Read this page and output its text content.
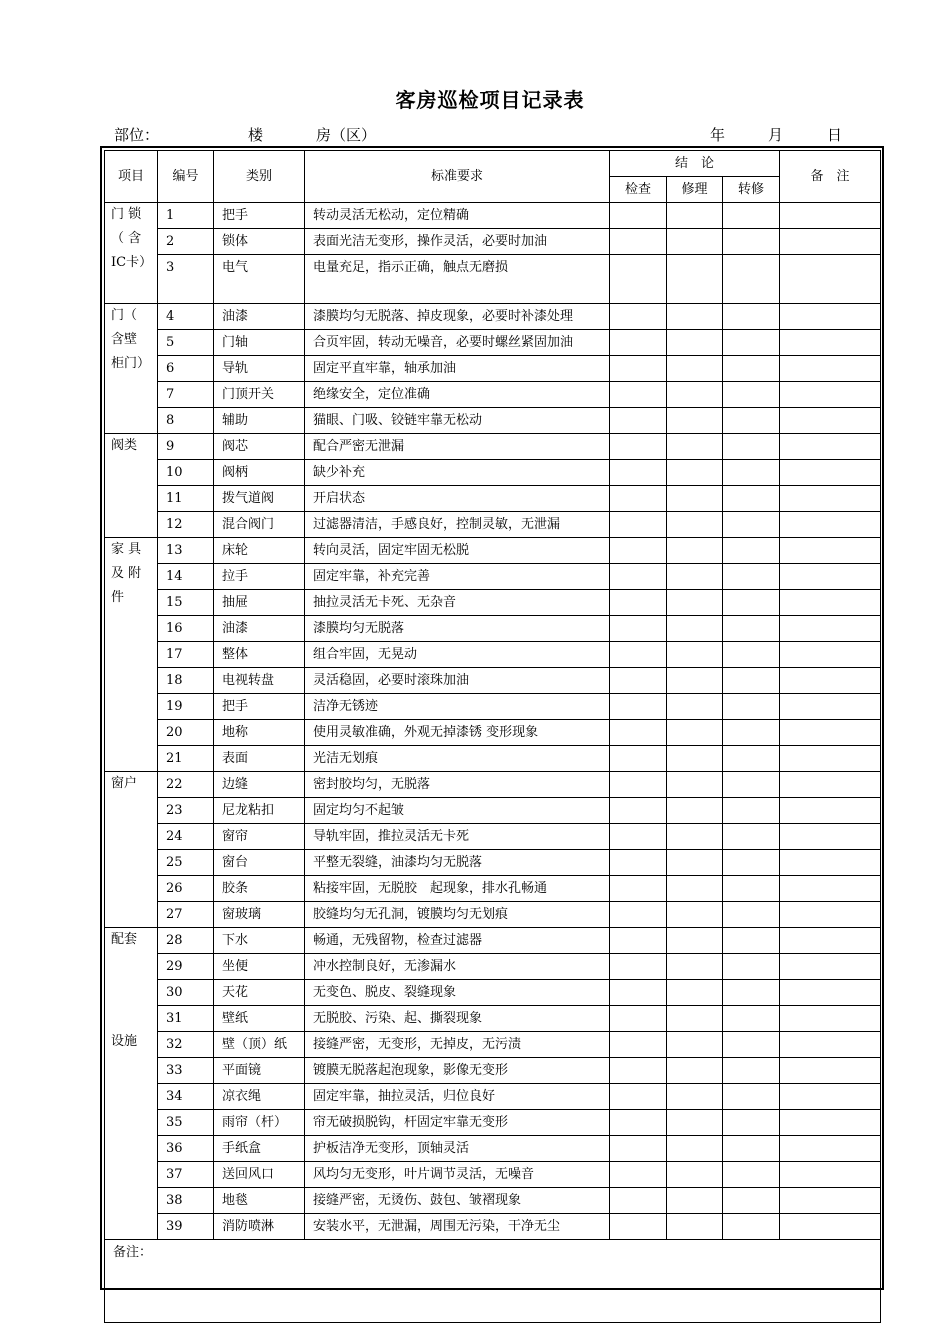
客房巡检项目记录表
部位：	楼	房（区）	年	月	日
项目	编号	类别	标准要求	结　论			备　注
				检查	修理	转修	

门 锁（ 含IC卡）	1	把手	转动灵活无松动，定位精确				
	2	锁体	表面光洁无变形，操作灵活，必要时加油				
	3	电气	电量充足，指示正确，触点无磨损				

门（ 含壁 柜门）	4	油漆	漆膜均匀无脱落、掉皮现象，必要时补漆处理				
	5	门轴	合页牢固，转动无噪音，必要时螺丝紧固加油				
	6	导轨	固定平直牢靠，轴承加油				
	7	门顶开关	绝缘安全，定位准确				
	8	辅助	猫眼、门吸、铰链牢靠无松动				

阀类	9	阀芯	配合严密无泄漏				
	10	阀柄	缺少补充				
	11	拨气道阀	开启状态				
	12	混合阀门	过滤器清洁，手感良好，控制灵敏，无泄漏				

家 具及 附件	13	床轮	转向灵活，固定牢固无松脱				
	14	拉手	固定牢靠，补充完善				
	15	抽屉	抽拉灵活无卡死、无杂音				
	16	油漆	漆膜均匀无脱落				
	17	整体	组合牢固，无晃动				
	18	电视转盘	灵活稳固，必要时滚珠加油				
	19	把手	洁净无锈迹				
	20	地称	使用灵敏准确，外观无掉漆锈 变形现象				
	21	表面	光洁无划痕				

窗户	22	边缝	密封胶均匀，无脱落				
	23	尼龙粘扣	固定均匀不起皱				
	24	窗帘	导轨牢固，推拉灵活无卡死				
	25	窗台	平整无裂缝，油漆均匀无脱落				
	26	胶条	粘接牢固，无脱胶　起现象，排水孔畅通				
	27	窗玻璃	胶缝均匀无孔洞，镀膜均匀无划痕				

配套
设施	28	下水	畅通，无残留物，检查过滤器				
	29	坐便	冲水控制良好，无渗漏水				
	30	天花	无变色、脱皮、裂缝现象				
	31	壁纸	无脱胶、污染、起、撕裂现象				
	32	壁（顶）纸	接缝严密，无变形，无掉皮，无污渍				
	33	平面镜	镀膜无脱落起泡现象，影像无变形				
	34	凉衣绳	固定牢靠，抽拉灵活，归位良好				
	35	雨帘（杆）	帘无破损脱钩，杆固定牢靠无变形				
	36	手纸盒	护板洁净无变形，顶轴灵活				
	37	送回风口	风均匀无变形，叶片调节灵活，无噪音				
	38	地毯	接缝严密，无烫伤、鼓包、皱褶现象				
	39	消防喷淋	安装水平，无泄漏，周围无污染，干净无尘				
备注：							
